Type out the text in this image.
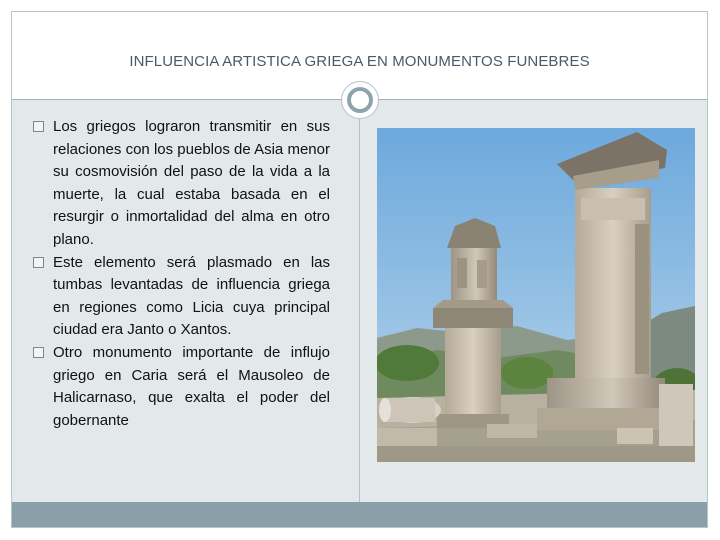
INFLUENCIA ARTISTICA GRIEGA EN MONUMENTOS FUNEBRES
Los griegos lograron transmitir en sus relaciones con los pueblos de Asia menor su cosmovisión del paso de la vida a la muerte, la cual estaba basada en el resurgir o inmortalidad del alma en otro plano.
Este elemento será plasmado en las tumbas levantadas de influencia griega en regiones como Licia cuya principal ciudad era Janto o Xantos.
Otro monumento importante de influjo griego en Caria será el Mausoleo de Halicarnaso, que exalta el poder del gobernante
